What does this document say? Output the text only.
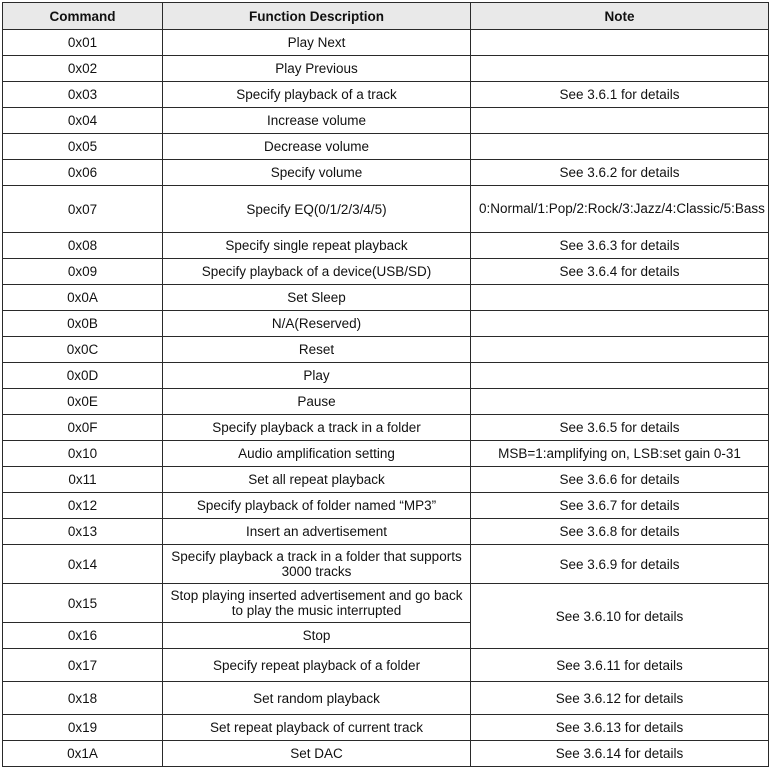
Command	Function Description	Note
0x01	Play Next	
0x02	Play Previous	
0x03	Specify playback of a track	See 3.6.1 for details
0x04	Increase volume	
0x05	Decrease volume	
0x06	Specify volume	See 3.6.2 for details
0x07	Specify EQ(0/1/2/3/4/5)	0:Normal/1:Pop/2:Rock/3:Jazz/4:Classic/5:Bass
0x08	Specify single repeat playback	See 3.6.3 for details
0x09	Specify playback of a device(USB/SD)	See 3.6.4 for details
0x0A	Set Sleep	
0x0B	N/A(Reserved)	
0x0C	Reset	
0x0D	Play	
0x0E	Pause	
0x0F	Specify playback a track in a folder	See 3.6.5 for details
0x10	Audio amplification setting	MSB=1:amplifying on, LSB:set gain 0-31
0x11	Set all repeat playback	See 3.6.6 for details
0x12	Specify playback of folder named “MP3”	See 3.6.7 for details
0x13	Insert an advertisement	See 3.6.8 for details
0x14	Specify playback a track in a folder that supports 3000 tracks	See 3.6.9 for details
0x15	Stop playing inserted advertisement and go back to play the music interrupted	See 3.6.10 for details
0x16	Stop	
0x17	Specify repeat playback of a folder	See 3.6.11 for details
0x18	Set random playback	See 3.6.12 for details
0x19	Set repeat playback of current track	See 3.6.13 for details
0x1A	Set DAC	See 3.6.14 for details
